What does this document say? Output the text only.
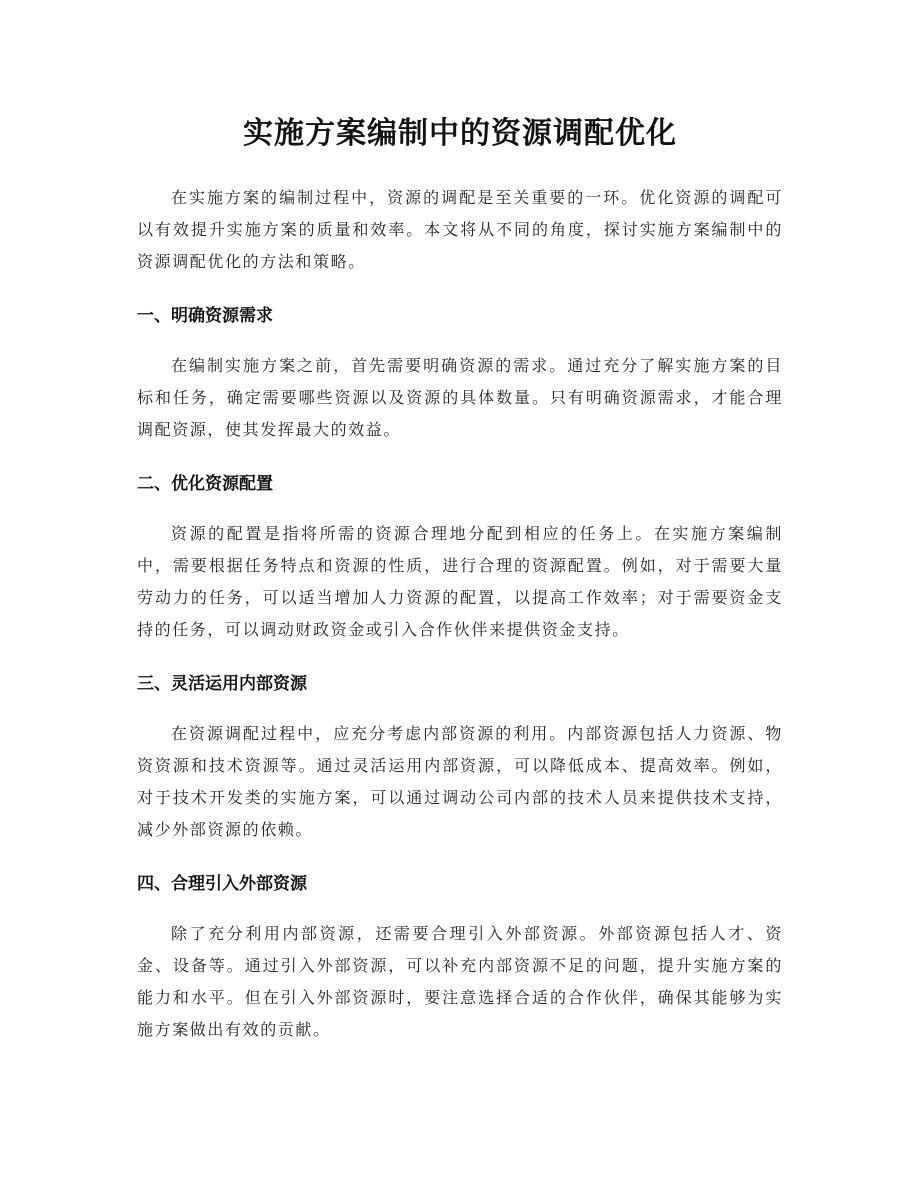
实施方案编制中的资源调配优化

在实施方案的编制过程中，资源的调配是至关重要的一环。优化资源的调配可以有效提升实施方案的质量和效率。本文将从不同的角度，探讨实施方案编制中的资源调配优化的方法和策略。

一、明确资源需求

在编制实施方案之前，首先需要明确资源的需求。通过充分了解实施方案的目标和任务，确定需要哪些资源以及资源的具体数量。只有明确资源需求，才能合理调配资源，使其发挥最大的效益。

二、优化资源配置

资源的配置是指将所需的资源合理地分配到相应的任务上。在实施方案编制中，需要根据任务特点和资源的性质，进行合理的资源配置。例如，对于需要大量劳动力的任务，可以适当增加人力资源的配置，以提高工作效率；对于需要资金支持的任务，可以调动财政资金或引入合作伙伴来提供资金支持。

三、灵活运用内部资源

在资源调配过程中，应充分考虑内部资源的利用。内部资源包括人力资源、物资资源和技术资源等。通过灵活运用内部资源，可以降低成本、提高效率。例如，对于技术开发类的实施方案，可以通过调动公司内部的技术人员来提供技术支持，减少外部资源的依赖。

四、合理引入外部资源

除了充分利用内部资源，还需要合理引入外部资源。外部资源包括人才、资金、设备等。通过引入外部资源，可以补充内部资源不足的问题，提升实施方案的能力和水平。但在引入外部资源时，要注意选择合适的合作伙伴，确保其能够为实施方案做出有效的贡献。
